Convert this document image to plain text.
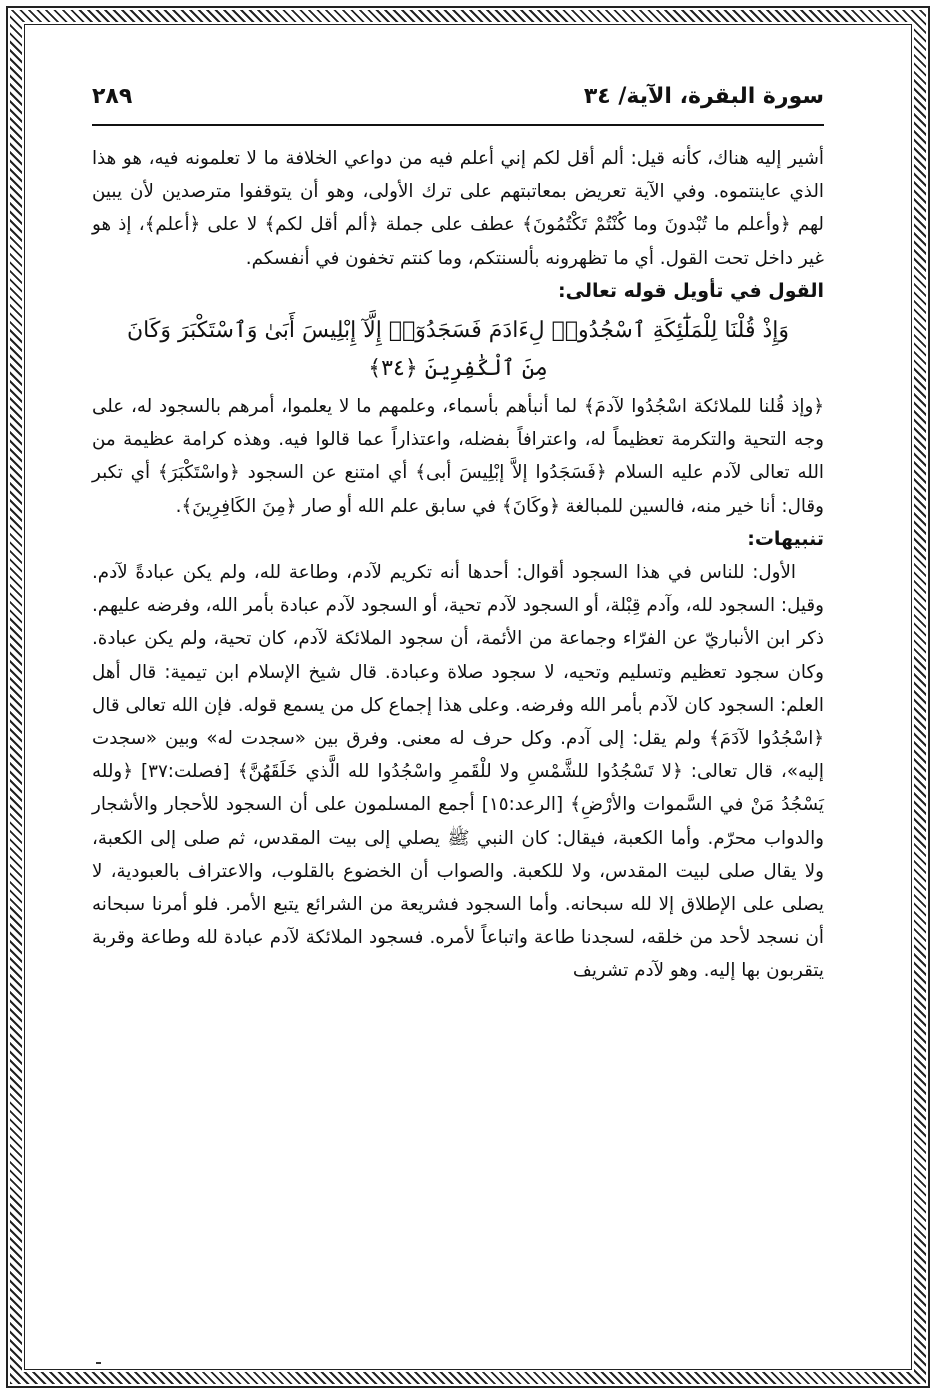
سورة البقرة، الآية/ ٣٤
٢٨٩

أشير إليه هناك، كأنه قيل: ألم أقل لكم إني أعلم فيه من دواعي الخلافة ما لا تعلمونه فيه، هو هذا الذي عاينتموه. وفي الآية تعريض بمعاتبتهم على ترك الأولى، وهو أن يتوقفوا مترصدين لأن يبين لهم ﴿وأعلم ما تُبْدونَ وما كُنْتُمْ تَكْتُمُونَ﴾ عطف على جملة ﴿ألم أقل لكم﴾ لا على ﴿أعلم﴾، إذ هو غير داخل تحت القول. أي ما تظهرونه بألسنتكم، وما كنتم تخفون في أنفسكم.

القول في تأويل قوله تعالى:

وَإِذْ قُلْنَا لِلْمَلَٰٓئِكَةِ ٱسْجُدُوا۟ لِءَادَمَ فَسَجَدُوٓا۟ إِلَّآ إِبْلِيسَ أَبَىٰ وَٱسْتَكْبَرَ وَكَانَ
مِنَ ٱلْكَٰفِرِينَ ﴿٣٤﴾

﴿وإذ قُلنا للملائكة اسْجُدُوا لآدمَ﴾ لما أنبأهم بأسماء، وعلمهم ما لا يعلموا، أمرهم بالسجود له، على وجه التحية والتكرمة تعظيماً له، واعترافاً بفضله، واعتذاراً عما قالوا فيه. وهذه كرامة عظيمة من الله تعالى لآدم عليه السلام ﴿فَسَجَدُوا إلاَّ إبْلِيسَ أبى﴾ أي امتنع عن السجود ﴿واسْتَكْبَرَ﴾ أي تكبر وقال: أنا خير منه، فالسين للمبالغة ﴿وكَانَ﴾ في سابق علم الله أو صار ﴿مِنَ الكَافِرِينَ﴾.

تنبيهات:

الأول: للناس في هذا السجود أقوال: أحدها أنه تكريم لآدم، وطاعة لله، ولم يكن عبادةً لآدم. وقيل: السجود لله، وآدم قِبْلة، أو السجود لآدم تحية، أو السجود لآدم عبادة بأمر الله، وفرضه عليهم. ذكر ابن الأنباريّ عن الفرّاء وجماعة من الأئمة، أن سجود الملائكة لآدم، كان تحية، ولم يكن عبادة. وكان سجود تعظيم وتسليم وتحيه، لا سجود صلاة وعبادة. قال شيخ الإسلام ابن تيمية: قال أهل العلم: السجود كان لآدم بأمر الله وفرضه. وعلى هذا إجماع كل من يسمع قوله. فإن الله تعالى قال ﴿اسْجُدُوا لآدَمَ﴾ ولم يقل: إلى آدم. وكل حرف له معنى. وفرق بين «سجدت له» وبين «سجدت إليه»، قال تعالى: ﴿لا تَسْجُدُوا للشَّمْسِ ولا للْقَمرِ واسْجُدُوا لله الَّذي خَلَقَهُنَّ﴾ [فصلت:٣٧] ﴿ولله يَسْجُدُ مَنْ في السَّموات والأرْضِ﴾ [الرعد:١٥] أجمع المسلمون على أن السجود للأحجار والأشجار والدواب محرّم. وأما الكعبة، فيقال: كان النبي ﷺ يصلي إلى بيت المقدس، ثم صلى إلى الكعبة، ولا يقال صلى لبيت المقدس، ولا للكعبة. والصواب أن الخضوع بالقلوب، والاعتراف بالعبودية، لا يصلى على الإطلاق إلا لله سبحانه. وأما السجود فشريعة من الشرائع يتبع الأمر. فلو أمرنا سبحانه أن نسجد لأحد من خلقه، لسجدنا طاعة واتباعاً لأمره. فسجود الملائكة لآدم عبادة لله وطاعة وقربة يتقربون بها إليه. وهو لآدم تشريف
